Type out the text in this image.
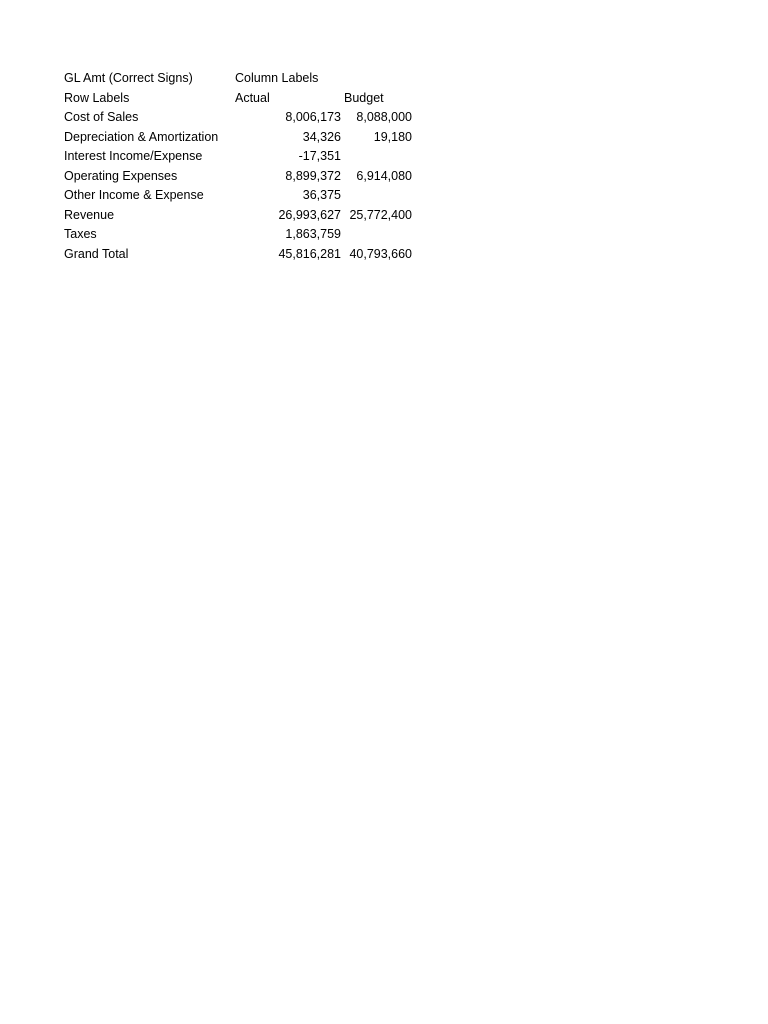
GL Amt (Correct Signs)	Column Labels
Row Labels	Actual	Budget
Cost of Sales	8,006,173	8,088,000
Depreciation & Amortization	34,326	19,180
Interest Income/Expense	-17,351
Operating Expenses	8,899,372	6,914,080
Other Income & Expense	36,375
Revenue	26,993,627 25,772,400
Taxes	1,863,759
Grand Total	45,816,281 40,793,660
